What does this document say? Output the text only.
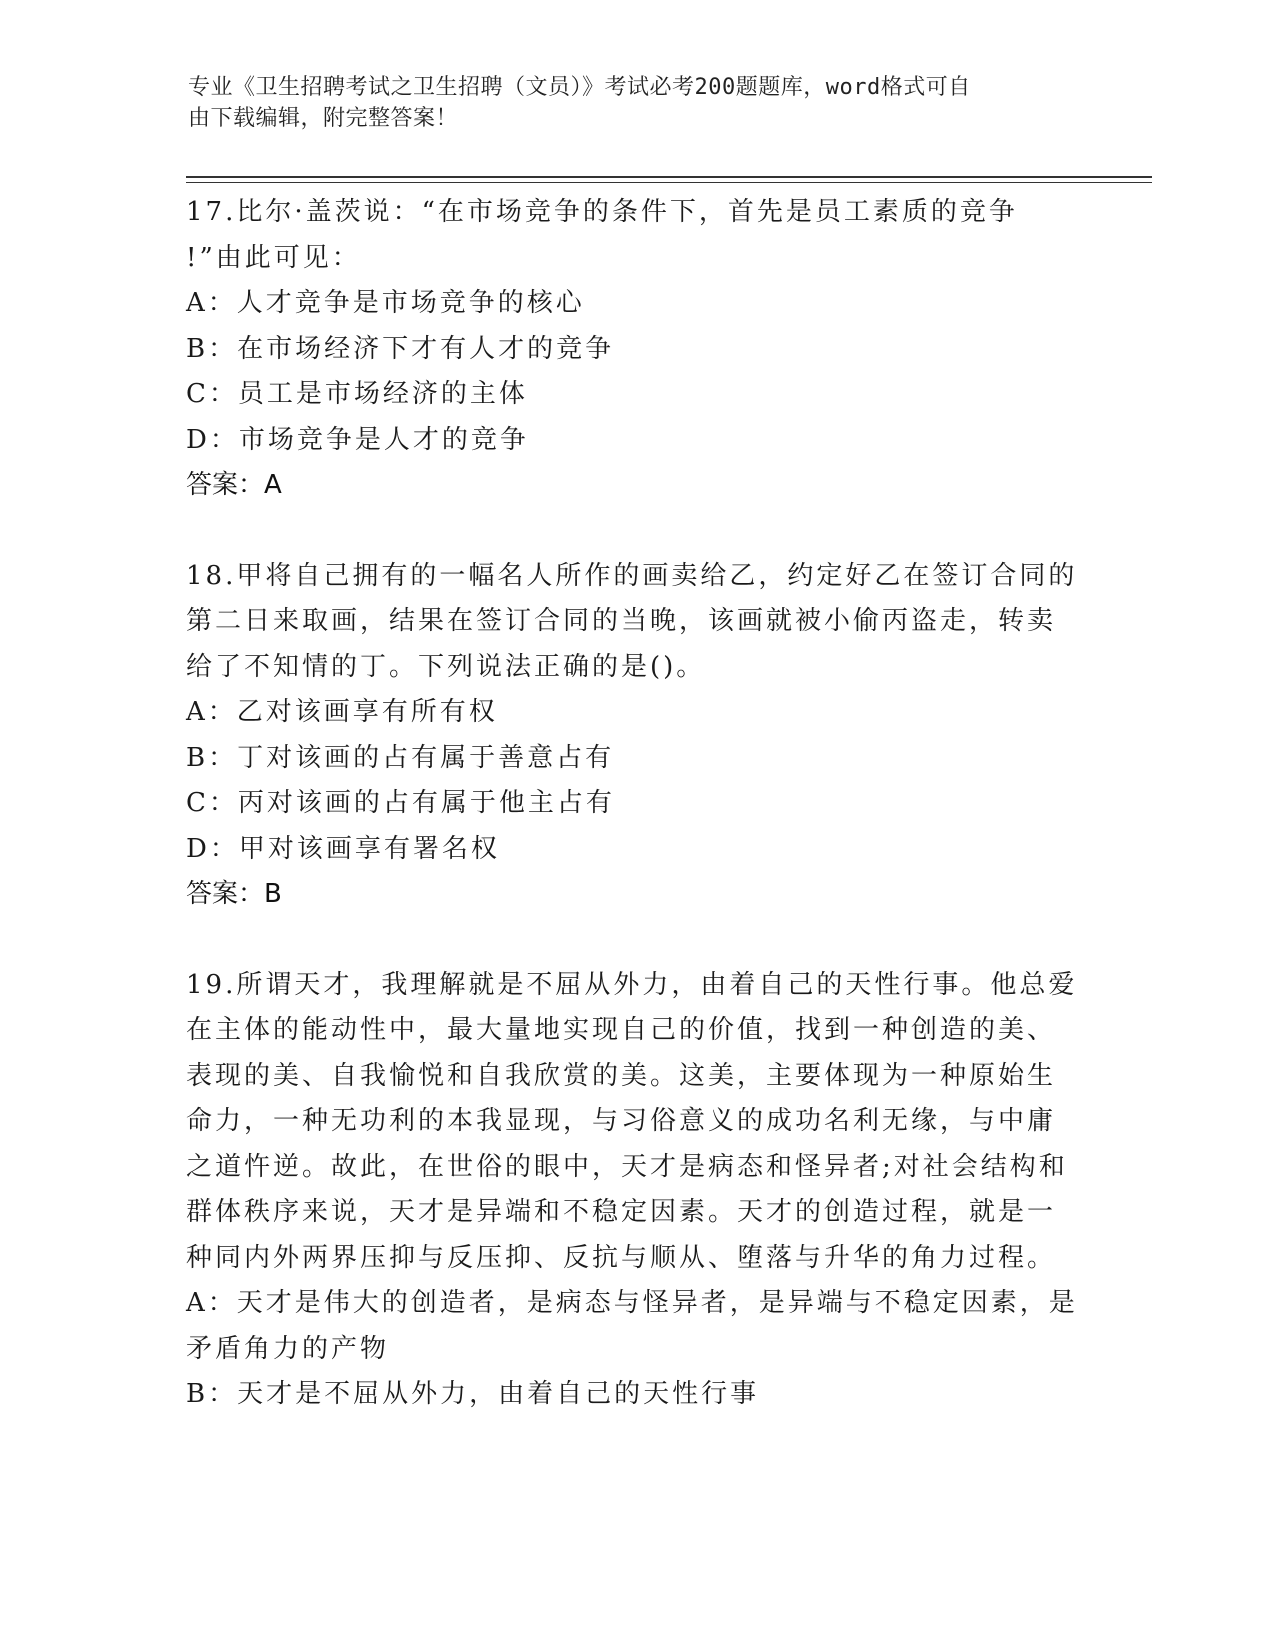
专业《卫生招聘考试之卫生招聘（文员）》考试必考200题题库，word格式可自
由下载编辑，附完整答案！
17.比尔·盖茨说：“在市场竞争的条件下，首先是员工素质的竞争
!”由此可见：
A：人才竞争是市场竞争的核心
B：在市场经济下才有人才的竞争
C：员工是市场经济的主体
D：市场竞争是人才的竞争
答案：A
18.甲将自己拥有的一幅名人所作的画卖给乙，约定好乙在签订合同的
第二日来取画，结果在签订合同的当晚，该画就被小偷丙盗走，转卖
给了不知情的丁。下列说法正确的是()。
A：乙对该画享有所有权
B：丁对该画的占有属于善意占有
C：丙对该画的占有属于他主占有
D：甲对该画享有署名权
答案：B
19.所谓天才，我理解就是不屈从外力，由着自己的天性行事。他总爱
在主体的能动性中，最大量地实现自己的价值，找到一种创造的美、
表现的美、自我愉悦和自我欣赏的美。这美，主要体现为一种原始生
命力，一种无功利的本我显现，与习俗意义的成功名利无缘，与中庸
之道忤逆。故此，在世俗的眼中，天才是病态和怪异者;对社会结构和
群体秩序来说，天才是异端和不稳定因素。天才的创造过程，就是一
种同内外两界压抑与反压抑、反抗与顺从、堕落与升华的角力过程。
A：天才是伟大的创造者，是病态与怪异者，是异端与不稳定因素，是
矛盾角力的产物
B：天才是不屈从外力，由着自己的天性行事
